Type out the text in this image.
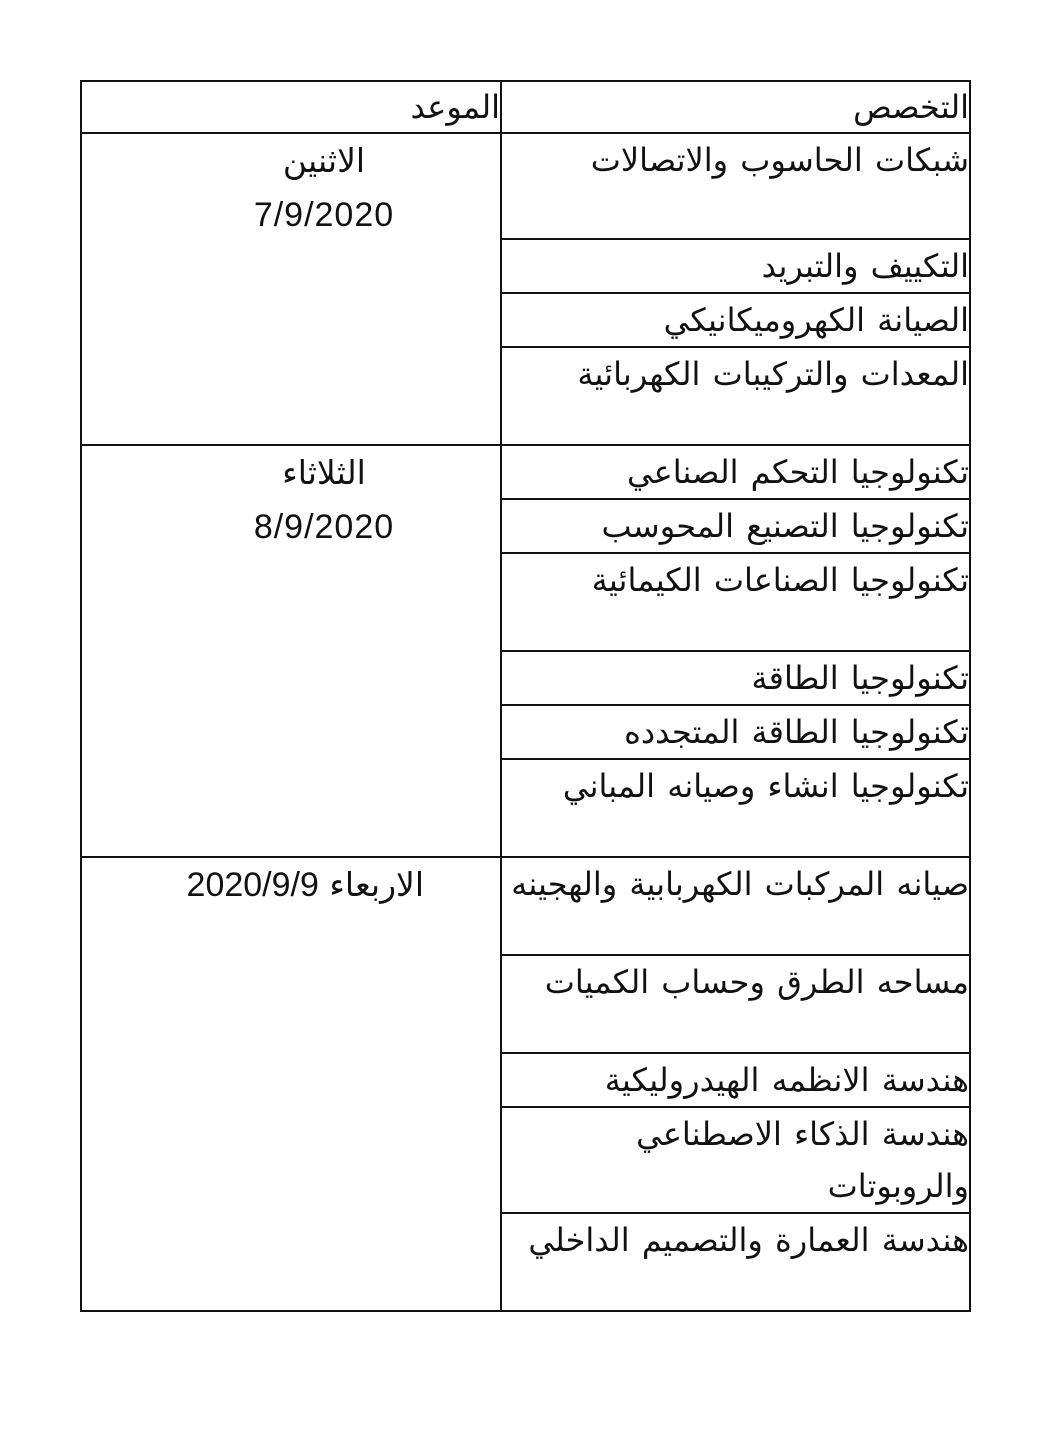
التخصص	الموعد
شبكات الحاسوب والاتصالات	الاثنين
7/9/2020

التكييف والتبريد	
الصيانة الكهروميكانيكي	
المعدات والتركيبات الكهربائية	
تكنولوجيا التحكم الصناعي	الثلاثاء
8/9/2020

تكنولوجيا التصنيع المحوسب	
تكنولوجيا الصناعات الكيمائية	
تكنولوجيا الطاقة	
تكنولوجيا الطاقة المتجدده	
تكنولوجيا انشاء وصيانه المباني	
صيانه المركبات الكهربابية والهجينه	الاربعاء 2020/9/9

مساحه الطرق وحساب الكميات	
هندسة الانظمه الهيدروليكية	
هندسة الذكاء الاصطناعي والروبوتات	
هندسة العمارة والتصميم الداخلي	
